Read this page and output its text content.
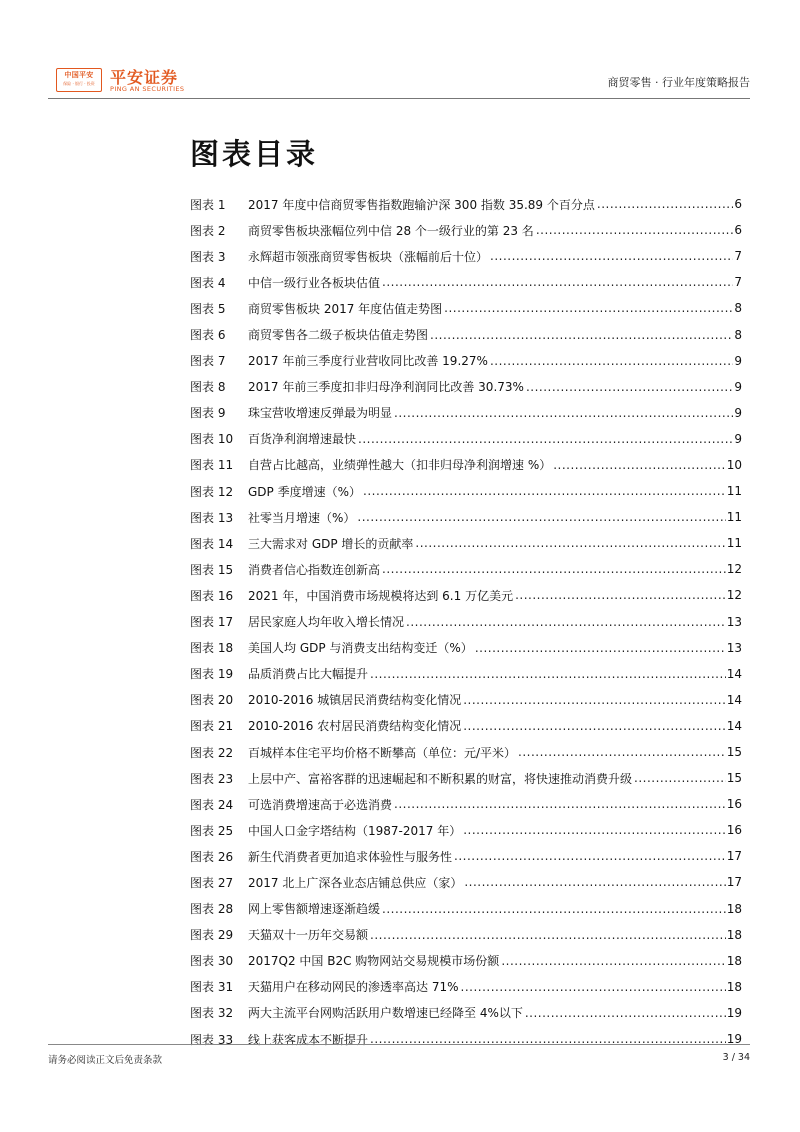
中国平安
保险 · 银行 · 投资 平安证券
PING AN SECURITIES	商贸零售 · 行业年度策略报告
图表目录
图表 1	2017 年度中信商贸零售指数跑输沪深 300 指数 35.89 个百分点 .....	6
图表 2	商贸零售板块涨幅位列中信 28 个一级行业的第 23 名 .....	6
图表 3	永辉超市领涨商贸零售板块（涨幅前后十位） .....	7
图表 4	中信一级行业各板块估值 .....	7
图表 5	商贸零售板块 2017 年度估值走势图 .....	8
图表 6	商贸零售各二级子板块估值走势图 .....	8
图表 7	2017 年前三季度行业营收同比改善 19.27% .....	9
图表 8	2017 年前三季度扣非归母净利润同比改善 30.73% .....	9
图表 9	珠宝营收增速反弹最为明显 .....	9
图表 10	百货净利润增速最快 .....	9
图表 11	自营占比越高，业绩弹性越大（扣非归母净利润增速 %） .....	10
图表 12	GDP 季度增速（%） .....	11
图表 13	社零当月增速（%） .....	11
图表 14	三大需求对 GDP 增长的贡献率 .....	11
图表 15	消费者信心指数连创新高 .....	12
图表 16	2021 年，中国消费市场规模将达到 6.1 万亿美元 .....	12
图表 17	居民家庭人均年收入增长情况 .....	13
图表 18	美国人均 GDP 与消费支出结构变迁（%） .....	13
图表 19	品质消费占比大幅提升 .....	14
图表 20	2010-2016 城镇居民消费结构变化情况 .....	14
图表 21	2010-2016 农村居民消费结构变化情况 .....	14
图表 22	百城样本住宅平均价格不断攀高（单位：元/平米） .....	15
图表 23	上层中产、富裕客群的迅速崛起和不断积累的财富，将快速推动消费升级 .....	15
图表 24	可选消费增速高于必选消费 .....	16
图表 25	中国人口金字塔结构（1987-2017 年） .....	16
图表 26	新生代消费者更加追求体验性与服务性 .....	17
图表 27	2017 北上广深各业态店铺总供应（家） .....	17
图表 28	网上零售额增速逐渐趋缓 .....	18
图表 29	天猫双十一历年交易额 .....	18
图表 30	2017Q2 中国 B2C 购物网站交易规模市场份额 .....	18
图表 31	天猫用户在移动网民的渗透率高达 71% .....	18
图表 32	两大主流平台网购活跃用户数增速已经降至 4%以下 .....	19
图表 33	线上获客成本不断提升 .....	19
请务必阅读正文后免责条款	3 / 34
